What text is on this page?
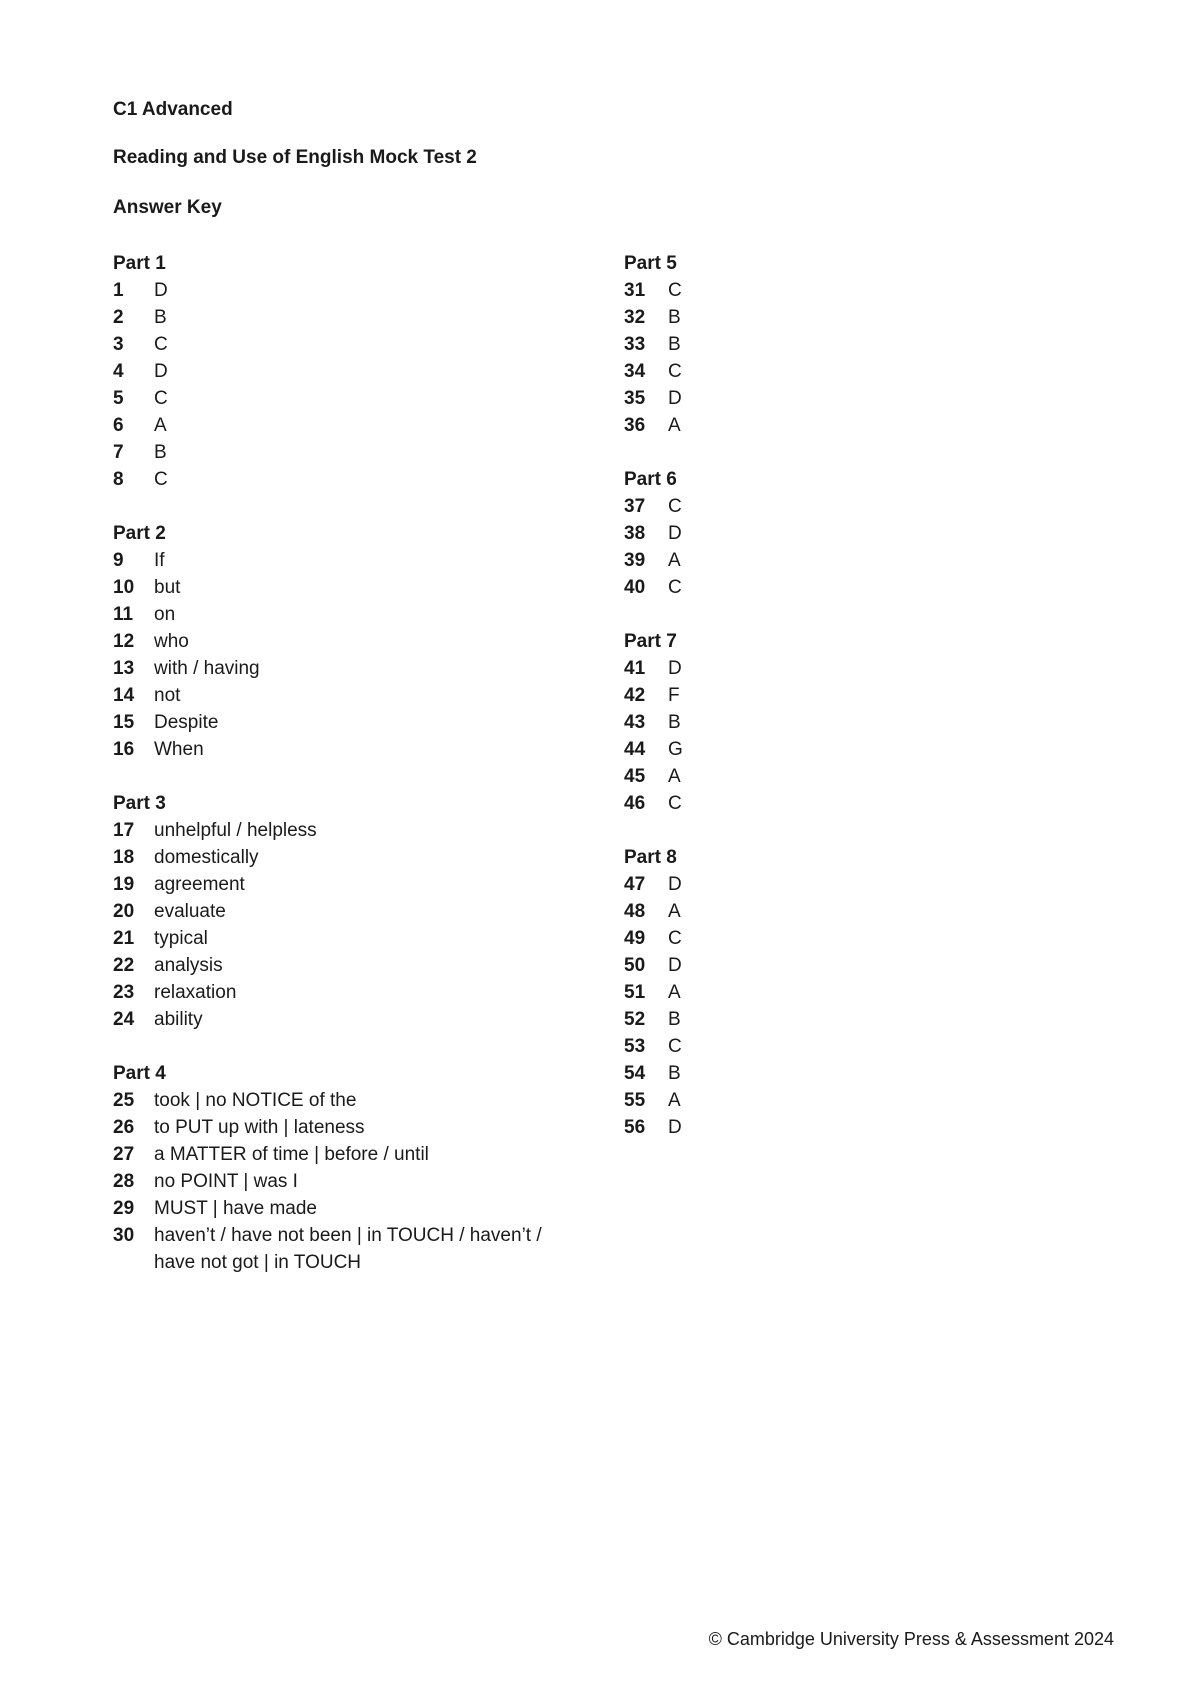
C1 Advanced
Reading and Use of English Mock Test 2
Answer Key
Part 1
1	D
2	B
3	C
4	D
5	C
6	A
7	B
8	C
Part 2
9	If
10	but
11	on
12	who
13	with / having
14	not
15	Despite
16	When
Part 3
17	unhelpful / helpless
18	domestically
19	agreement
20	evaluate
21	typical
22	analysis
23	relaxation
24	ability
Part 4
25	took | no NOTICE of the
26	to PUT up with | lateness
27	a MATTER of time | before / until
28	no POINT | was I
29	MUST | have made
30	haven’t / have not been | in TOUCH / haven’t /
have not got | in TOUCH
Part 5
31	C
32	B
33	B
34	C
35	D
36	A
Part 6
37	C
38	D
39	A
40	C
Part 7
41	D
42	F
43	B
44	G
45	A
46	C
Part 8
47	D
48	A
49	C
50	D
51	A
52	B
53	C
54	B
55	A
56	D
© Cambridge University Press & Assessment 2024
